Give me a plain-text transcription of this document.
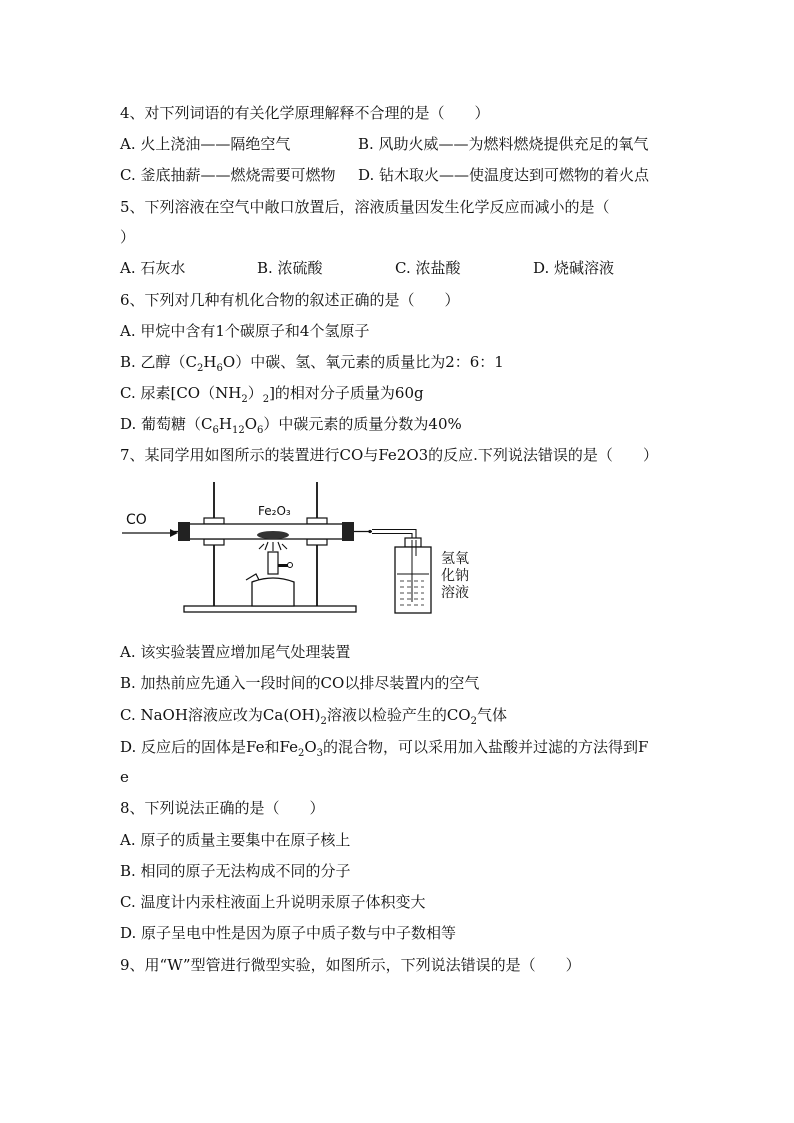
4、对下列词语的有关化学原理解释不合理的是（　　）
A. 火上浇油——隔绝空气	B. 风助火威——为燃料燃烧提供充足的氧气
C. 釜底抽薪——燃烧需要可燃物 D. 钻木取火——使温度达到可燃物的着火点
5、下列溶液在空气中敞口放置后，溶液质量因发生化学反应而减小的是（
）
A. 石灰水	B. 浓硫酸	C. 浓盐酸	D. 烧碱溶液
6、下列对几种有机化合物的叙述正确的是（　　）
A. 甲烷中含有1个碳原子和4个氢原子
B. 乙醇$(C_2H_6O)$中碳、氢、氧元素的质量比为2：6：1
C. 尿素$[CO(NH_2)_2]$的相对分子质量为60g
D. 葡萄糖$(C_6H_{12}O_6)$中碳元素的质量分数为40%
7、某同学用如图所示的装置进行CO与Fe2O3的反应.下列说法错误的是（　　）
CO
Fe₂O₃
氢氧
化钠
溶液
A. 该实验装置应增加尾气处理装置
B. 加热前应先通入一段时间的CO以排尽装置内的空气
C. NaOH溶液应改为$Ca(OH)_2$溶液以检验产生的$CO_2$气体
D. 反应后的固体是Fe和$Fe_2O_3$的混合物，可以采用加入盐酸并过滤的方法得到F
e
8、下列说法正确的是（　　）
A. 原子的质量主要集中在原子核上
B. 相同的原子无法构成不同的分子
C. 温度计内汞柱液面上升说明汞原子体积变大
D. 原子呈电中性是因为原子中质子数与中子数相等
9、用“W”型管进行微型实验，如图所示，下列说法错误的是（　　）
